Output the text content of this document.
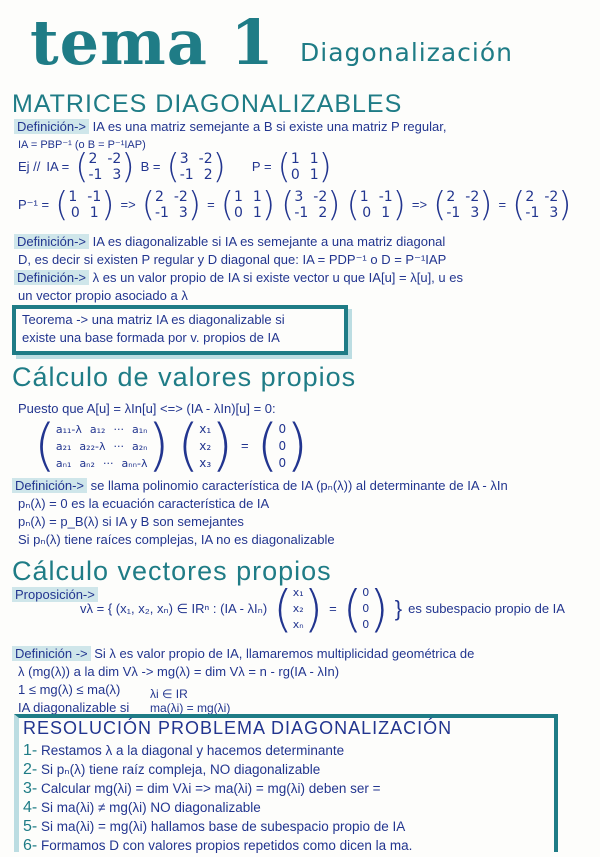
tema 1 Diagonalización
MATRICES DIAGONALIZABLES
Definición-> IA es una matriz semejante a B si existe una matriz P regular,
IA = PBP⁻¹ (o B = P⁻¹IAP)
Ej // IA = ( 2 -2
-1 3 ) B = ( 3 -2
-1 2 ) P = ( 1 1
0 1 )
P⁻¹ = ( 1 -1
0 1 ) => ( 2 -2
-1 3 ) = ( 1 1
0 1 ) ( 3 -2
-1 2 ) ( 1 -1
0 1 ) => ( 2 -2
-1 3 ) = ( 2 -2
-1 3 )
Definición-> IA es diagonalizable si IA es semejante a una matriz diagonal
D, es decir si existen P regular y D diagonal que: IA = PDP⁻¹ o D = P⁻¹IAP
Definición-> λ es un valor propio de IA si existe vector u que IA[u] = λ[u], u es
un vector propio asociado a λ
Teorema -> una matriz IA es diagonalizable si
existe una base formada por v. propios de IA
Cálculo de valores propios
Puesto que A[u] = λIn[u] <=> (IA - λIn)[u] = 0:
( a₁₁-λ a₁₂ ··· a₁ₙ
a₂₁ a₂₂-λ ··· a₂ₙ
aₙ₁ aₙ₂ ··· aₙₙ-λ ) ( x₁
x₂
x₃ ) = ( 0
0
0 )
Definición-> se llama polinomio característica de IA (pₙ(λ)) al determinante de IA - λIn
pₙ(λ) = 0 es la ecuación característica de IA
pₙ(λ) = p_B(λ) si IA y B son semejantes
Si pₙ(λ) tiene raíces complejas, IA no es diagonalizable
Cálculo vectores propios
Proposición->
vλ = { (x₁, x₂, xₙ) ∈ IRⁿ : (IA - λIₙ) ( x₁
x₂
xₙ ) = ( 0
0
0 ) } es subespacio propio de IA
Definición -> Si λ es valor propio de IA, llamaremos multiplicidad geométrica de
λ (mg(λ)) a la dim Vλ -> mg(λ) = dim Vλ = n - rg(IA - λIn)
1 ≤ mg(λ) ≤ ma(λ)
IA diagonalizable si
λi ∈ IR
ma(λi) = mg(λi)
RESOLUCIÓN PROBLEMA DIAGONALIZACIÓN
1- Restamos λ a la diagonal y hacemos determinante
2- Si pₙ(λ) tiene raíz compleja, NO diagonalizable
3- Calcular mg(λi) = dim Vλi => ma(λi) = mg(λi) deben ser =
4- Si ma(λi) ≠ mg(λi) NO diagonalizable
5- Si ma(λi) = mg(λi) hallamos base de subespacio propio de IA
6- Formamos D con valores propios repetidos como dicen la ma.
